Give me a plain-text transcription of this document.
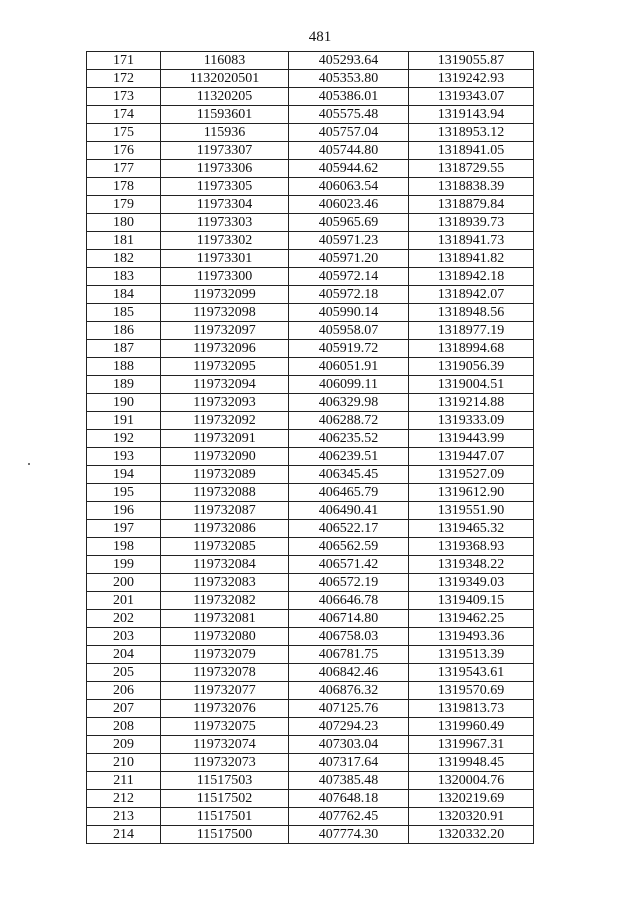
481
171	116083	405293.64	1319055.87
172	1132020501	405353.80	1319242.93
173	11320205	405386.01	1319343.07
174	11593601	405575.48	1319143.94
175	115936	405757.04	1318953.12
176	11973307	405744.80	1318941.05
177	11973306	405944.62	1318729.55
178	11973305	406063.54	1318838.39
179	11973304	406023.46	1318879.84
180	11973303	405965.69	1318939.73
181	11973302	405971.23	1318941.73
182	11973301	405971.20	1318941.82
183	11973300	405972.14	1318942.18
184	119732099	405972.18	1318942.07
185	119732098	405990.14	1318948.56
186	119732097	405958.07	1318977.19
187	119732096	405919.72	1318994.68
188	119732095	406051.91	1319056.39
189	119732094	406099.11	1319004.51
190	119732093	406329.98	1319214.88
191	119732092	406288.72	1319333.09
192	119732091	406235.52	1319443.99
193	119732090	406239.51	1319447.07
194	119732089	406345.45	1319527.09
195	119732088	406465.79	1319612.90
196	119732087	406490.41	1319551.90
197	119732086	406522.17	1319465.32
198	119732085	406562.59	1319368.93
199	119732084	406571.42	1319348.22
200	119732083	406572.19	1319349.03
201	119732082	406646.78	1319409.15
202	119732081	406714.80	1319462.25
203	119732080	406758.03	1319493.36
204	119732079	406781.75	1319513.39
205	119732078	406842.46	1319543.61
206	119732077	406876.32	1319570.69
207	119732076	407125.76	1319813.73
208	119732075	407294.23	1319960.49
209	119732074	407303.04	1319967.31
210	119732073	407317.64	1319948.45
211	11517503	407385.48	1320004.76
212	11517502	407648.18	1320219.69
213	11517501	407762.45	1320320.91
214	11517500	407774.30	1320332.20
